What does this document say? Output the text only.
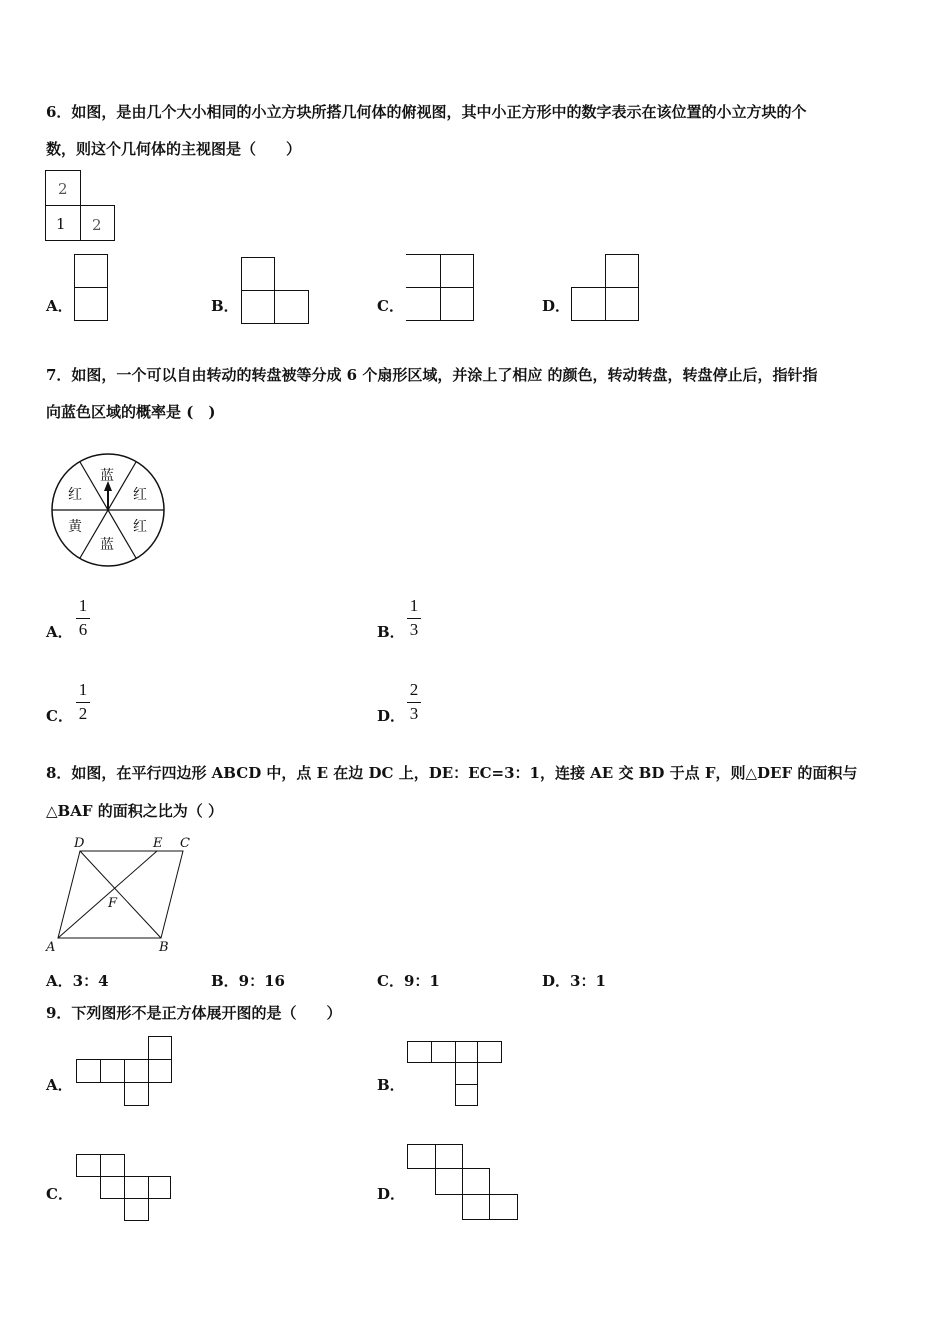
6．如图，是由几个大小相同的小立方块所搭几何体的俯视图，其中小正方形中的数字表示在该位置的小立方块的个
数，则这个几何体的主视图是（　　）
2
1 2
A．	B．	C．	D．
7．如图，一个可以自由转动的转盘被等分成 6 个扇形区域，并涂上了相应 的颜色，转动转盘，转盘停止后，指针指
向蓝色区域的概率是 (　)
蓝
红
红
蓝
黄
红
A．
1
6	B．
1
3
C．
1
2	D．
2
3
8．如图，在平行四边形 ABCD 中，点 E 在边 DC 上，DE：EC=3：1，连接 AE 交 BD 于点 F，则△DEF 的面积与
△BAF 的面积之比为（ ）
D	E C
F
A	B
A．3：4	B．9：16	C．9：1	D．3：1
9．下列图形不是正方体展开图的是（　　）
A．	B．
C．	D．
